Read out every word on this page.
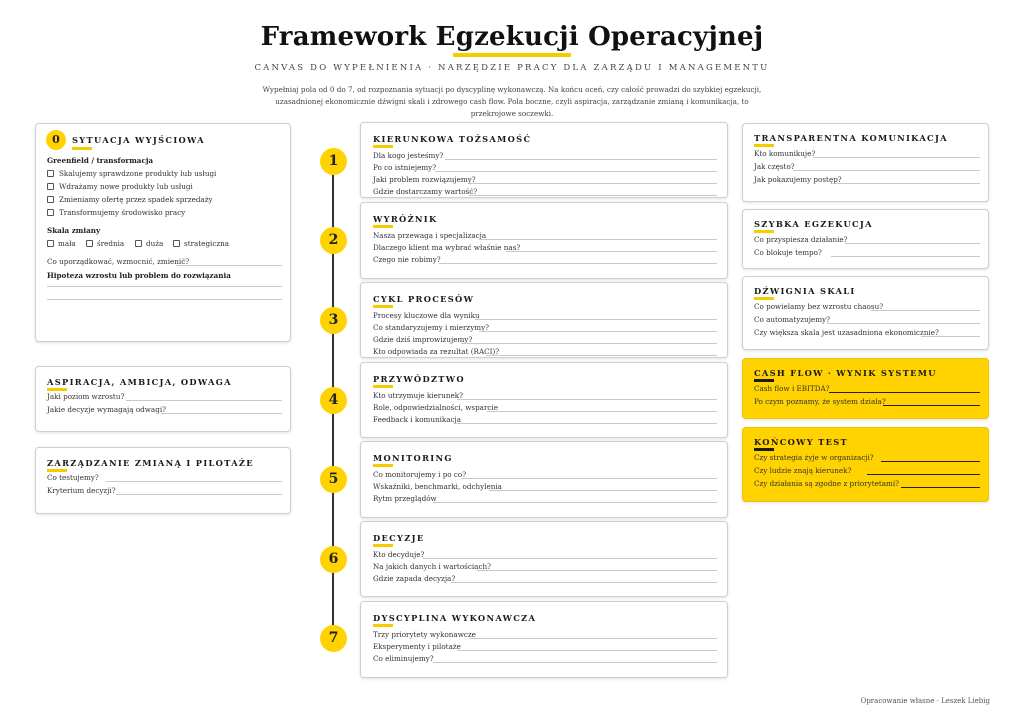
Framework Egzekucji Operacyjnej
CANVAS DO WYPEŁNIENIA · NARZĘDZIE PRACY DLA ZARZĄDU I MANAGEMENTU
Wypełniaj pola od 0 do 7, od rozpoznania sytuacji po dyscyplinę wykonawczą. Na końcu oceń, czy całość prowadzi do szybkiej egzekucji,
uzasadnionej ekonomicznie dźwigni skali i zdrowego cash flow. Pola boczne, czyli aspiracja, zarządzanie zmianą i komunikacja, to przekrojowe soczewki.
0	SYTUACJA WYJŚCIOWA
Greenfield / transformacja
Skalujemy sprawdzone produkty lub usługi
Wdrażamy nowe produkty lub usługi
Zmieniamy ofertę przez spadek sprzedaży
Transformujemy środowisko pracy
Skala zmiany
mała	średnia	duża	strategiczna
Co uporządkować, wzmocnić, zmienić?
Hipoteza wzrostu lub problem do rozwiązania
ASPIRACJA, AMBICJA, ODWAGA
Jaki poziom wzrostu?
Jakie decyzje wymagają odwagi?
ZARZĄDZANIE ZMIANĄ I PILOTAŻE
Co testujemy?
Kryterium decyzji?
1
2
3
4
5
6
7
KIERUNKOWA TOŻSAMOŚĆ
Dla kogo jesteśmy?
Po co istniejemy?
Jaki problem rozwiązujemy?
Gdzie dostarczamy wartość?
WYRÓŻNIK
Nasza przewaga i specjalizacja
Dlaczego klient ma wybrać właśnie nas?
Czego nie robimy?
CYKL PROCESÓW
Procesy kluczowe dla wyniku
Co standaryzujemy i mierzymy?
Gdzie dziś improwizujemy?
Kto odpowiada za rezultat (RACI)?
PRZYWÓDZTWO
Kto utrzymuje kierunek?
Role, odpowiedzialności, wsparcie
Feedback i komunikacja
MONITORING
Co monitorujemy i po co?
Wskaźniki, benchmarki, odchylenia
Rytm przeglądów
DECYZJE
Kto decyduje?
Na jakich danych i wartościach?
Gdzie zapada decyzja?
DYSCYPLINA WYKONAWCZA
Trzy priorytety wykonawcze
Eksperymenty i pilotaże
Co eliminujemy?
TRANSPARENTNA KOMUNIKACJA
Kto komunikuje?
Jak często?
Jak pokazujemy postęp?
SZYBKA EGZEKUCJA
Co przyspiesza działanie?
Co blokuje tempo?
DŹWIGNIA SKALI
Co powielamy bez wzrostu chaosu?
Co automatyzujemy?
Czy większa skala jest uzasadniona ekonomicznie?
CASH FLOW · WYNIK SYSTEMU
Cash flow i EBITDA?
Po czym poznamy, że system działa?
KOŃCOWY TEST
Czy strategia żyje w organizacji?
Czy ludzie znają kierunek?
Czy działania są zgodne z priorytetami?
Opracowanie własne · Leszek Liebig
